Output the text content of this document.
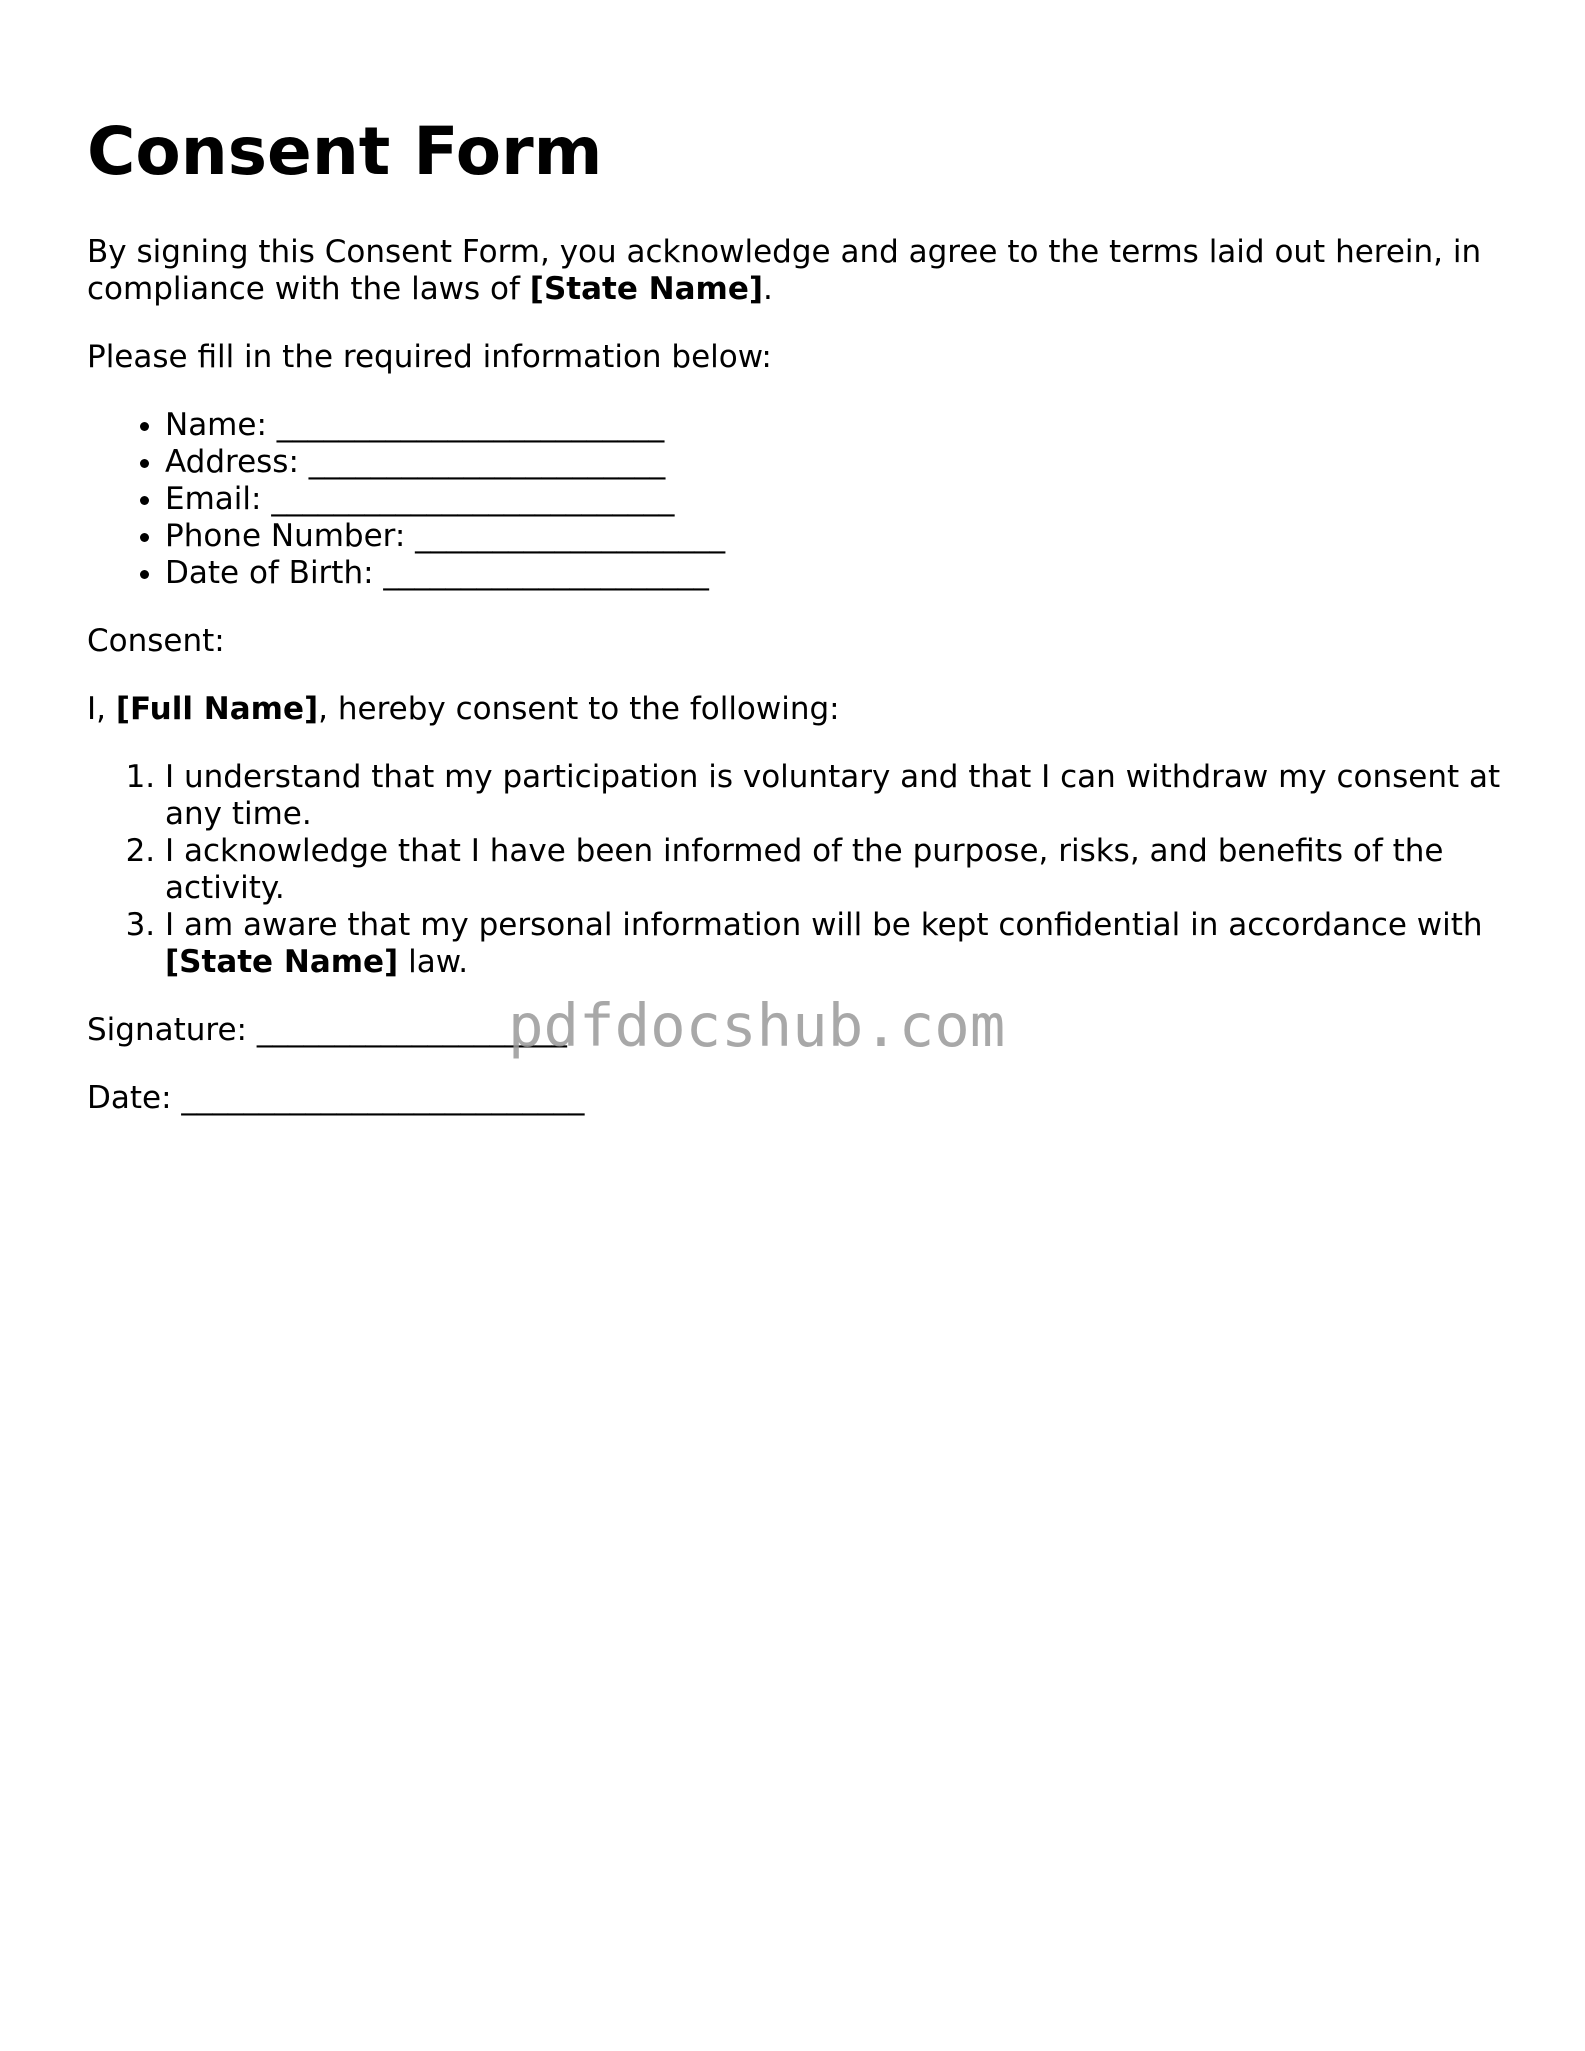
Consent Form

By signing this Consent Form, you acknowledge and agree to the terms laid out herein, in compliance with the laws of [State Name].

Please fill in the required information below:

• Name: _________________________
• Address: _______________________
• Email: __________________________
• Phone Number: ____________________
• Date of Birth: _____________________

Consent:

I, [Full Name], hereby consent to the following:

1. I understand that my participation is voluntary and that I can withdraw my consent at any time.
2. I acknowledge that I have been informed of the purpose, risks, and benefits of the activity.
3. I am aware that my personal information will be kept confidential in accordance with [State Name] law.

Signature: ____________________

Date: __________________________

pdfdocshub.com
